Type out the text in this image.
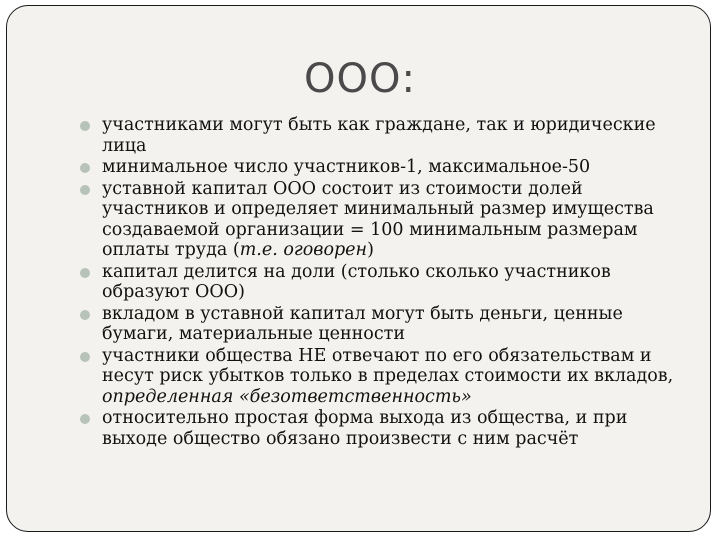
ООО:
участниками могут быть как граждане, так и юридические лица
минимальное число участников-1, максимальное-50
уставной капитал ООО состоит из стоимости долей участников и определяет минимальный размер имущества создаваемой организации = 100 минимальным размерам оплаты труда (т.е. оговорен)
капитал делится на доли (столько сколько участников образуют ООО)
вкладом в уставной капитал могут быть деньги, ценные бумаги, материальные ценности
участники общества НЕ отвечают по его обязательствам и несут риск убытков только в пределах стоимости их вкладов, определенная «безответственность»
относительно простая форма выхода из общества, и при выходе общество обязано произвести с ним расчёт
